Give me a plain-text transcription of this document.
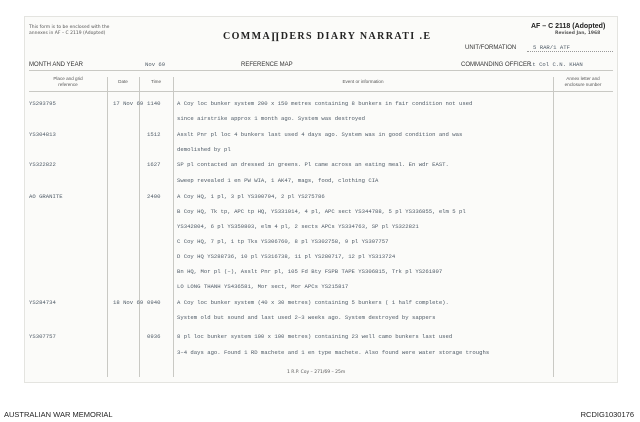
This form is to be enclosed with the
annexes in AF – C 2119 (Adopted)	COMMA∏DERS DIARY NARRATI .E
AF – C 2118 (Adopted)
Revised Jan, 1968
UNIT/FORMATION	5 RAR/1 ATF
MONTH AND YEAR	Nov 69	REFERENCE MAP	COMMANDING OFFICER
Lt Col C.N. KHAN
Place and grid
reference	Date	Time	Event or information
Annex letter and
enclosure number
YS293795	17 Nov 69 1140	A Coy loc bunker system 200 x 150 metres containing 8 bunkers in fair condition not used
since airstrike approx 1 month ago. System was destroyed
YS304813	1512	Asslt Pnr pl loc 4 bunkers last used 4 days ago. System was in good condition and was
demolished by pl
YS322822	1627	SP pl contacted an dressed in greens. Pl came across an eating meal. En wdr EAST.
Sweep revealed 1 en PW WIA, 1 AK47, mags, food, clothing CIA
AO GRANITE	2400	A Coy HQ, 1 pl, 3 pl YS300794, 2 pl YS275786
B Coy HQ, Tk tp, APC tp HQ, YS331014, 4 pl, APC sect YS344788, 5 pl YS336855, elm 5 pl
YS342804, 6 pl YS350803, elm 4 pl, 2 sects APCs YS334763, SP pl YS322821
C Coy HQ, 7 pl, 1 tp Tks YS306760, 8 pl YS302758, 9 pl YS307757
D Coy HQ YS288736, 10 pl YS316738, 11 pl YS280717, 12 pl YS313724
Bn HQ, Mor pl (–), Asslt Pnr pl, 105 Fd Bty FSPB TAPE YS306815, Trk pl YS261807
LO LONG THANH YS436581, Mor sect, Mor APCs YS215817
YS284734	18 Nov 69 0940	A Coy loc bunker system (40 x 30 metres) containing 5 bunkers ( 1 half complete).
System old but sound and last used 2–3 weeks ago. System destroyed by sappers
YS307757	0936	8 pl loc bunker system 100 x 100 metres) containing 23 well camo bunkers last used
3–4 days ago. Found 1 RD machete and 1 en type machete. Also found were water storage troughs
1 R.P. Coy – 271/69 – 25m
AUSTRALIAN WAR MEMORIAL	RCDIG1030176
